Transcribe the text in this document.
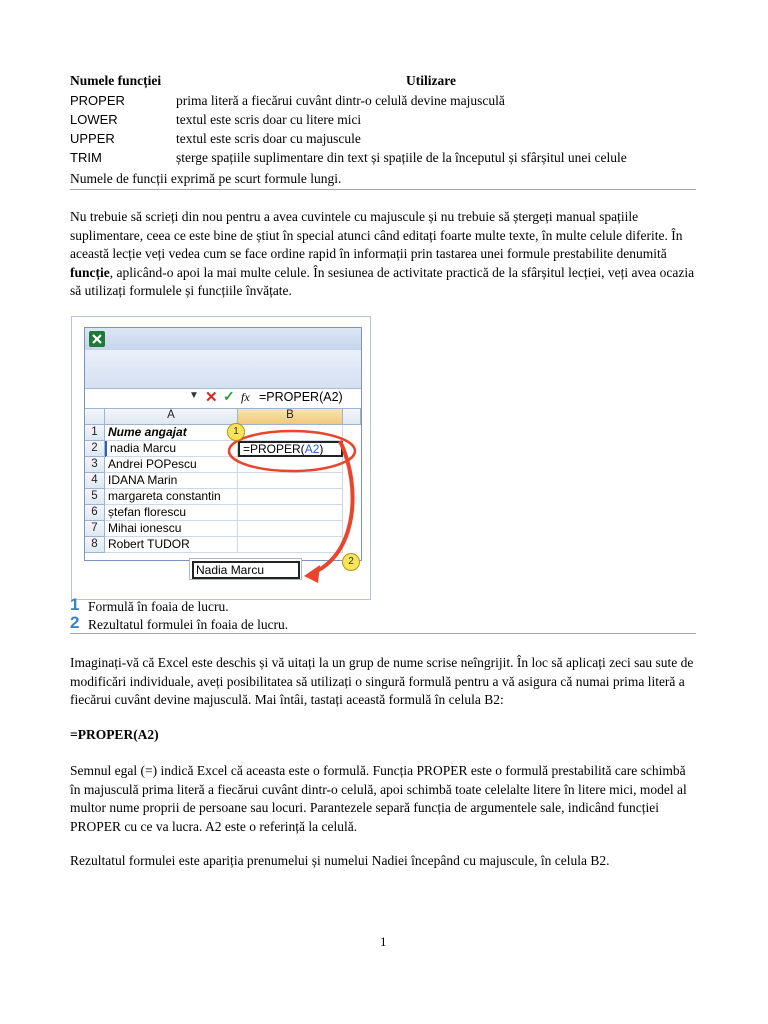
Numele funcției	Utilizare
PROPER	prima literă a fiecărui cuvânt dintr-o celulă devine majusculă
LOWER	textul este scris doar cu litere mici
UPPER	textul este scris doar cu majuscule
TRIM	șterge spațiile suplimentare din text și spațiile de la începutul și sfârșitul unei celule
Numele de funcții exprimă pe scurt formule lungi.
Nu trebuie să scrieți din nou pentru a avea cuvintele cu majuscule și nu trebuie să ștergeți manual spațiile suplimentare, ceea ce este bine de știut în special atunci când editați foarte multe texte, în multe celule diferite. În această lecție veți vedea cum se face ordine rapid în informații prin tastarea unei formule prestabilite denumită funcție, aplicând-o apoi la mai multe celule. În sesiunea de activitate practică de la sfârșitul lecției, veți avea ocazia să utilizați formulele și funcțiile învățate.
▼ ✕ ✓ fx =PROPER(A2)
A	B
1 Nume angajat
2	nadia Marcu	=PROPER(A2)
3 Andrei POPescu
4 IDANA Marin
5 margareta constantin
6 ștefan florescu
7 Mihai ionescu
8 Robert TUDOR
1
2
Nadia Marcu
1 Formulă în foaia de lucru.
2 Rezultatul formulei în foaia de lucru.
Imaginați-vă că Excel este deschis și vă uitați la un grup de nume scrise neîngrijit. În loc să aplicați zeci sau sute de modificări individuale, aveți posibilitatea să utilizați o singură formulă pentru a vă asigura că numai prima literă a fiecărui cuvânt devine majusculă. Mai întâi, tastați această formulă în celula B2:
=PROPER(A2)
Semnul egal (=) indică Excel că aceasta este o formulă. Funcția PROPER este o formulă prestabilită care schimbă în majusculă prima literă a fiecărui cuvânt dintr-o celulă, apoi schimbă toate celelalte litere în litere mici, model al multor nume proprii de persoane sau locuri. Parantezele separă funcția de argumentele sale, indicând funcției PROPER cu ce va lucra. A2 este o referință la celulă.
Rezultatul formulei este apariția prenumelui și numelui Nadiei începând cu majuscule, în celula B2.
1
